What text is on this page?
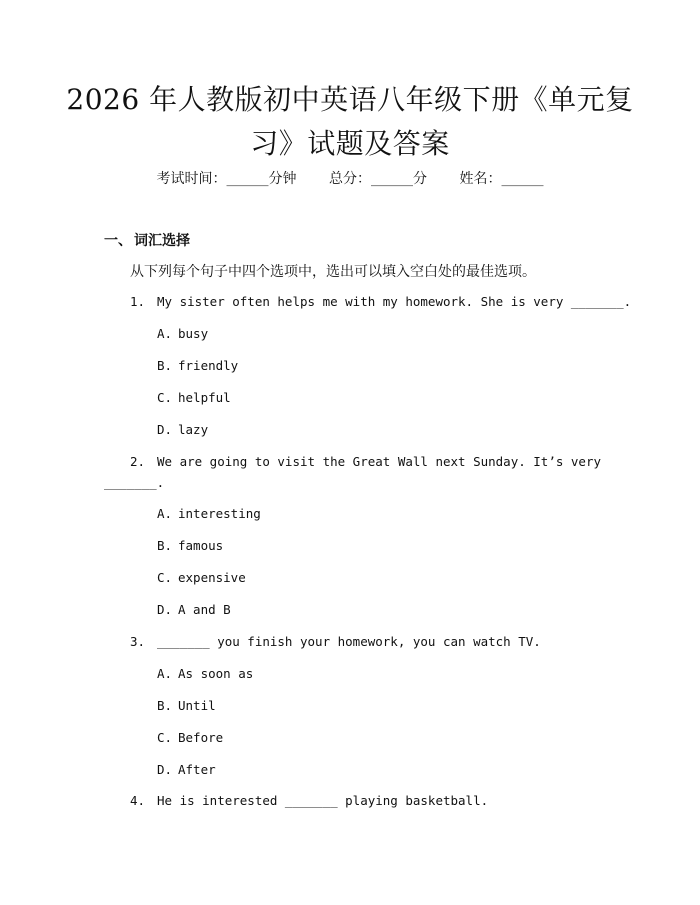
2026 年人教版初中英语八年级下册《单元复
习》试题及答案
考试时间：______分钟 总分：______分 姓名：______
一、 词汇选择
从下列每个句子中四个选项中，选出可以填入空白处的最佳选项。
1. My sister often helps me with my homework. She is very _______.
A. busy
B. friendly
C. helpful
D. lazy
2. We are going to visit the Great Wall next Sunday. It’s very
_______.
A. interesting
B. famous
C. expensive
D. A and B
3. _______ you finish your homework, you can watch TV.
A. As soon as
B. Until
C. Before
D. After
4. He is interested _______ playing basketball.
